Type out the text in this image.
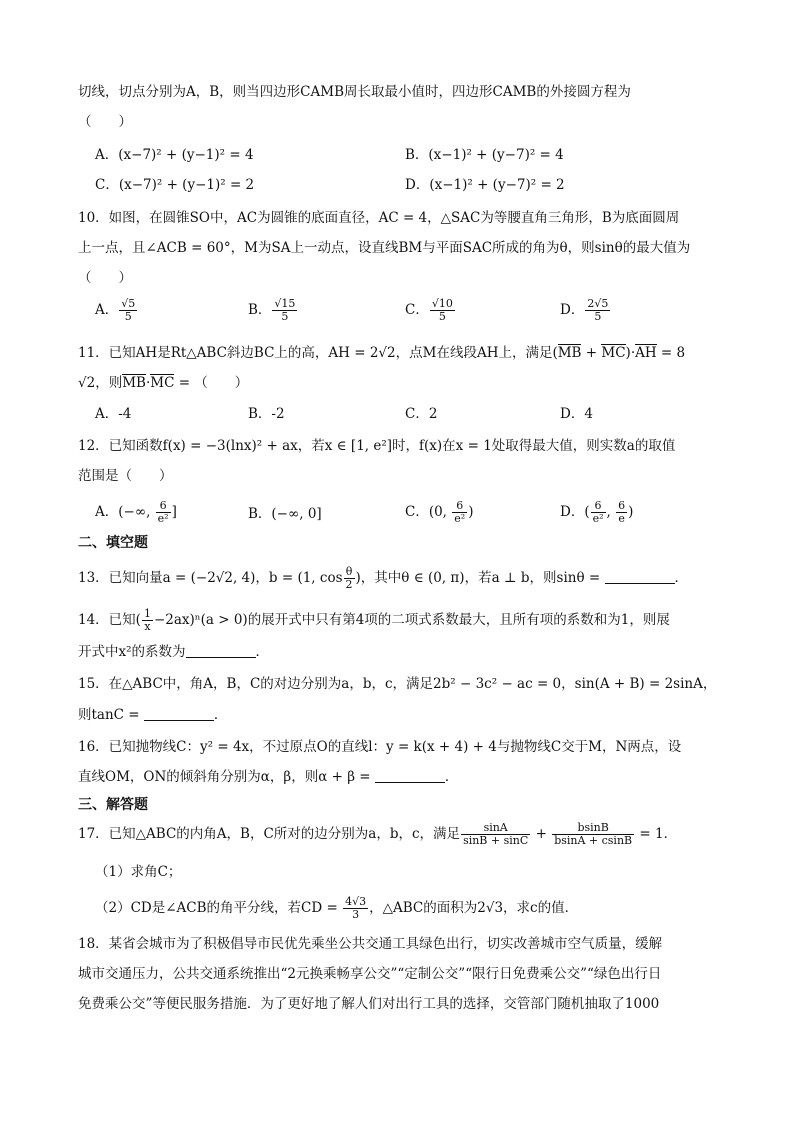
切线，切点分别为A，B，则当四边形CAMB周长取最小值时，四边形CAMB的外接圆方程为
（　　）
A．(x−7)² + (y−1)² = 4	B．(x−1)² + (y−7)² = 4
C．(x−7)² + (y−1)² = 2	D．(x−1)² + (y−7)² = 2
10．如图，在圆锥SO中，AC为圆锥的底面直径，AC = 4，△SAC为等腰直角三角形，B为底面圆周
上一点，且∠ACB = 60°，M为SA上一动点，设直线BM与平面SAC所成的角为θ，则sinθ的最大值为
（　　）
A． $\frac{√5}{5}$	B． $\frac{√15}{5}$	C． $\frac{√10}{5}$	D． $\frac{2√5}{5}$
11．已知AH是Rt△ABC斜边BC上的高，AH = 2√2，点M在线段AH上，满足(MB + MC)·AH = 8
√2，则MB·MC = （　　）
A．-4	B．-2	C．2	D．4
12．已知函数f(x) = −3(lnx)² + ax，若x ∈ [1, e²]时，f(x)在x = 1处取得最大值，则实数a的取值
范围是（　　）
A．(−∞, $\frac{6}{\text{e²}}$ ]	B．(−∞, 0]	C．(0, $\frac{6}{\text{e²}}$ )	D．( $\frac{6}{\text{e²}}$ , $\frac{6}{e}$ )
二、填空题
13．已知向量a = (−2√2, 4)，b = (1, $\cos \frac{\theta}{2}$ )，其中θ ∈ (0, π)，若a ⊥ b，则sinθ =	．
14．已知( $\frac{1}{x} -2ax)^n(a > 0)$的展开式中只有第4项的二项式系数最大，且所有项的系数和为1，则展
开式中x²的系数为	．
15．在△ABC中，角A，B，C的对边分别为a，b，c，满足2b² − 3c² − ac = 0，sin(A + B) = 2sinA，
则tanC =	．
16．已知抛物线C：y² = 4x，不过原点O的直线l：y = k(x + 4) + 4与抛物线C交于M，N两点，设
直线OM，ON的倾斜角分别为α，β，则α + β =	．
三、解答题
17．已知△ABC的内角A，B，C所对的边分别为a，b，c，满足 $\frac{\sin A}{\sin B + \sin C} + \frac{bsinB}{bsinA + csinB} = 1$．
（1）求角C；
（2）CD是∠ACB的角平分线，若CD = $\frac{4√3}{3}$ ，△ABC的面积为2√3，求c的值．
18．某省会城市为了积极倡导市民优先乘坐公共交通工具绿色出行，切实改善城市空气质量，缓解
城市交通压力，公共交通系统推出“2元换乘畅享公交”“定制公交”“限行日免费乘公交”“绿色出行日
免费乘公交”等便民服务措施．为了更好地了解人们对出行工具的选择，交管部门随机抽取了1000
